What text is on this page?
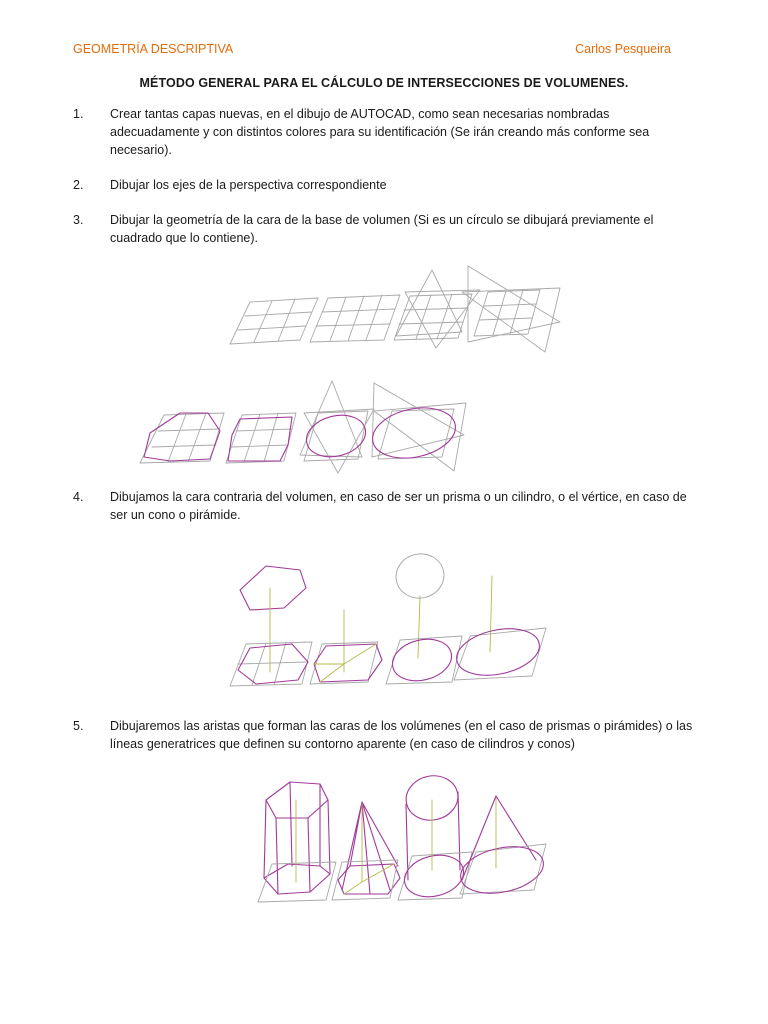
GEOMETRÍA DESCRIPTIVA	Carlos Pesqueira
MÉTODO GENERAL PARA EL CÁLCULO DE INTERSECCIONES DE VOLUMENES.
1. Crear tantas capas nuevas, en el dibujo de AUTOCAD, como sean necesarias nombradas adecuadamente y con distintos colores para su identificación (Se irán creando más conforme sea necesario).
2. Dibujar los ejes de la perspectiva correspondiente
3. Dibujar la geometría de la cara de la base de volumen (Si es un círculo se dibujará previamente el cuadrado que lo contiene).
4. Dibujamos la cara contraria del volumen, en caso de ser un prisma o un cilindro, o el vértice, en caso de ser un cono o pirámide.
5. Dibujaremos las aristas que forman las caras de los volúmenes (en el caso de prismas o pirámides) o las líneas generatrices que definen su contorno aparente (en caso de cilindros y conos)
